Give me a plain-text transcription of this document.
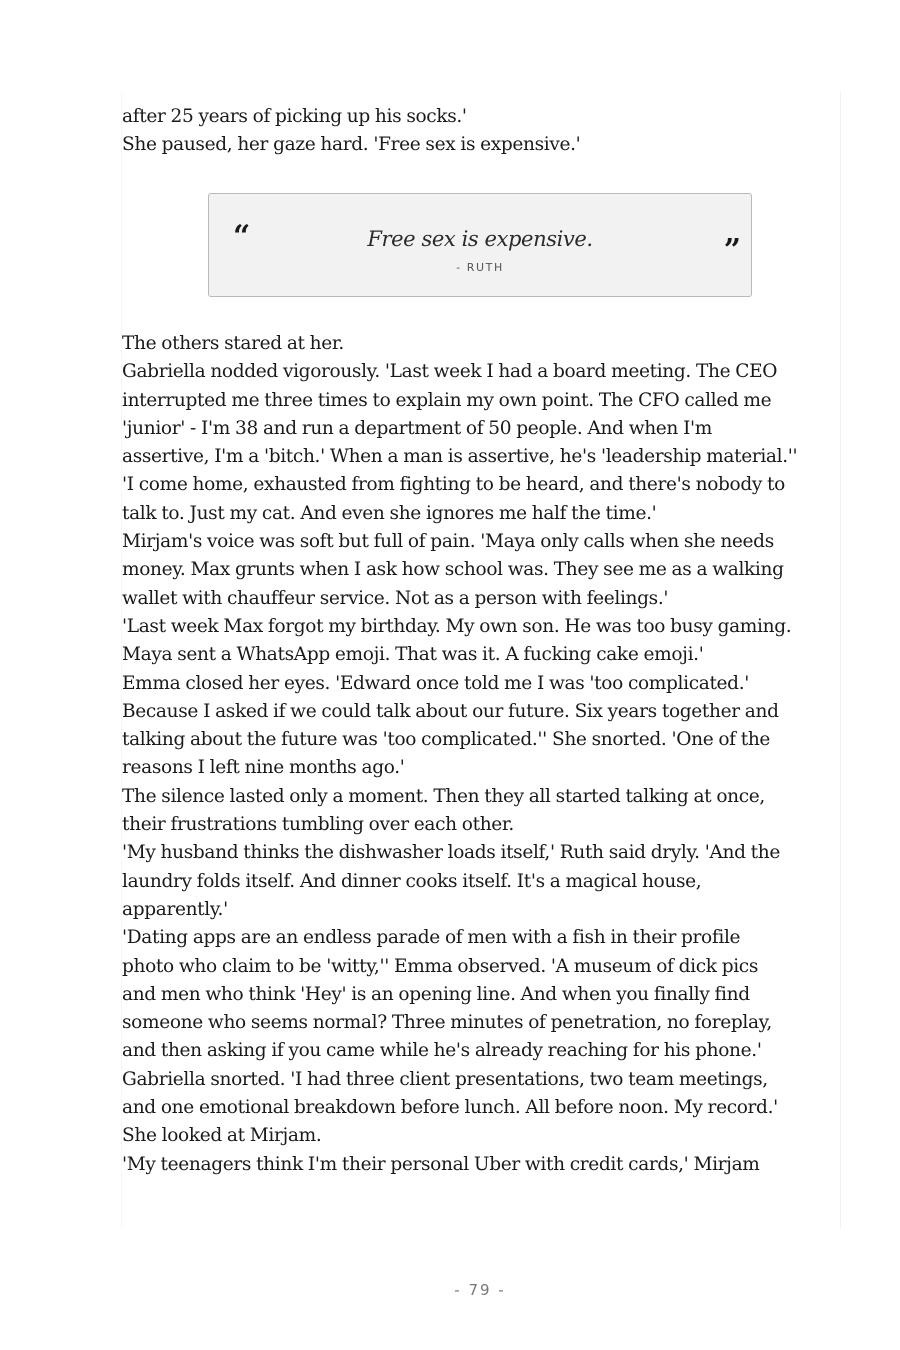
after 25 years of picking up his socks.'

She paused, her gaze hard. 'Free sex is expensive.'

“	Free sex is expensive.
- RUTH	”

The others stared at her.

Gabriella nodded vigorously. 'Last week I had a board meeting. The CEO

interrupted me three times to explain my own point. The CFO called me

'junior' - I'm 38 and run a department of 50 people. And when I'm

assertive, I'm a 'bitch.' When a man is assertive, he's 'leadership material.''

'I come home, exhausted from fighting to be heard, and there's nobody to

talk to. Just my cat. And even she ignores me half the time.'

Mirjam's voice was soft but full of pain. 'Maya only calls when she needs

money. Max grunts when I ask how school was. They see me as a walking

wallet with chauffeur service. Not as a person with feelings.'

'Last week Max forgot my birthday. My own son. He was too busy gaming.

Maya sent a WhatsApp emoji. That was it. A fucking cake emoji.'

Emma closed her eyes. 'Edward once told me I was 'too complicated.'

Because I asked if we could talk about our future. Six years together and

talking about the future was 'too complicated.'' She snorted. 'One of the

reasons I left nine months ago.'

The silence lasted only a moment. Then they all started talking at once,

their frustrations tumbling over each other.

'My husband thinks the dishwasher loads itself,' Ruth said dryly. 'And the

laundry folds itself. And dinner cooks itself. It's a magical house,

apparently.'

'Dating apps are an endless parade of men with a fish in their profile

photo who claim to be 'witty,'' Emma observed. 'A museum of dick pics

and men who think 'Hey' is an opening line. And when you finally find

someone who seems normal? Three minutes of penetration, no foreplay,

and then asking if you came while he's already reaching for his phone.'

Gabriella snorted. 'I had three client presentations, two team meetings,

and one emotional breakdown before lunch. All before noon. My record.'

She looked at Mirjam.

'My teenagers think I'm their personal Uber with credit cards,' Mirjam

- 79 -
